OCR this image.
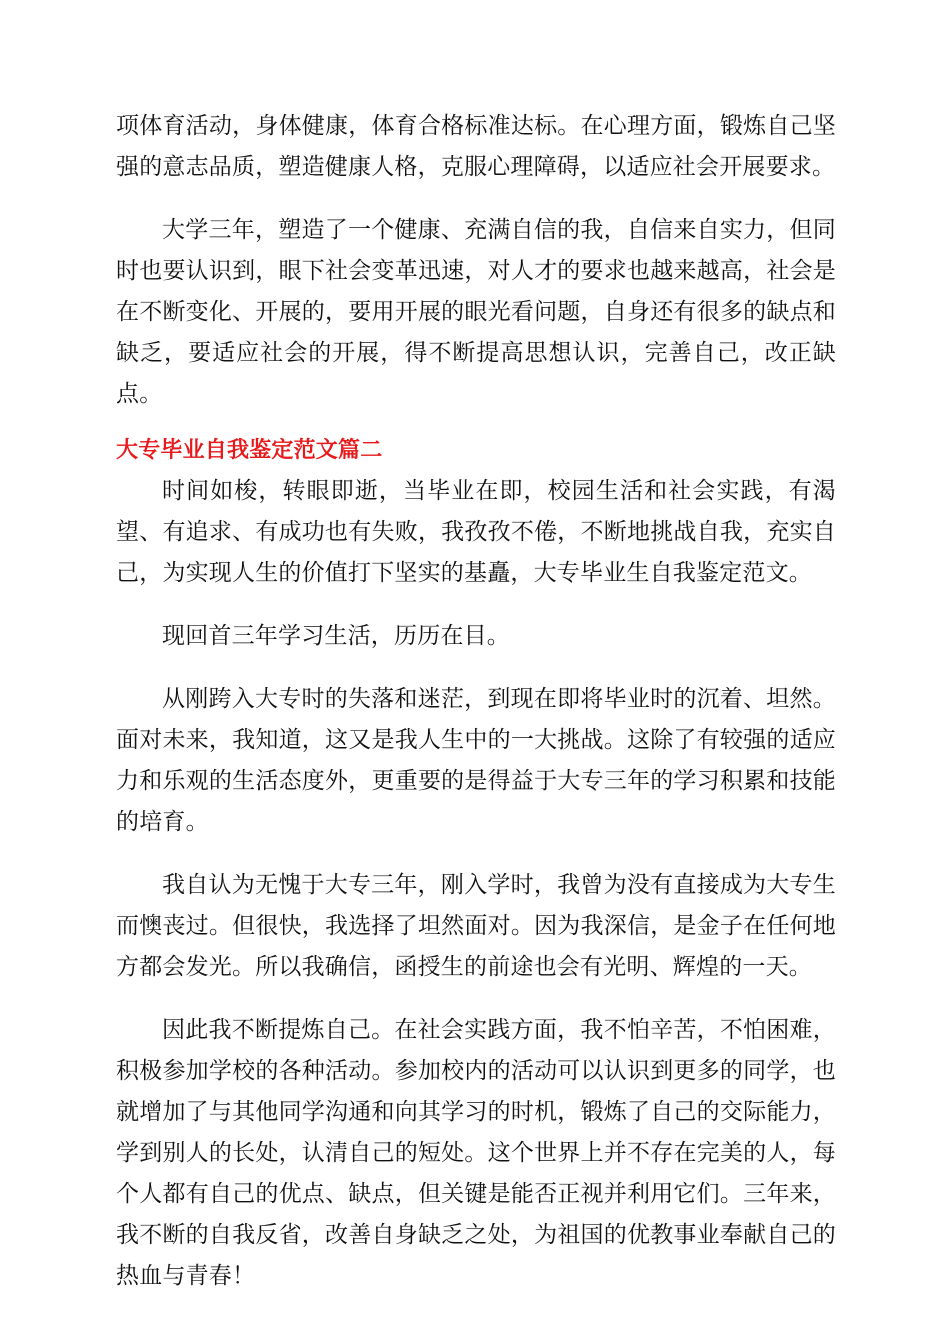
项体育活动，身体健康，体育合格标准达标。在心理方面，锻炼自己坚强的意志品质，塑造健康人格，克服心理障碍，以适应社会开展要求。

大学三年，塑造了一个健康、充满自信的我，自信来自实力，但同时也要认识到，眼下社会变革迅速，对人才的要求也越来越高，社会是在不断变化、开展的，要用开展的眼光看问题，自身还有很多的缺点和缺乏，要适应社会的开展，得不断提高思想认识，完善自己，改正缺点。

大专毕业自我鉴定范文篇二

时间如梭，转眼即逝，当毕业在即，校园生活和社会实践，有渴望、有追求、有成功也有失败，我孜孜不倦，不断地挑战自我，充实自己，为实现人生的价值打下坚实的基矗，大专毕业生自我鉴定范文。

现回首三年学习生活，历历在目。

从刚跨入大专时的失落和迷茫，到现在即将毕业时的沉着、坦然。面对未来，我知道，这又是我人生中的一大挑战。这除了有较强的适应力和乐观的生活态度外，更重要的是得益于大专三年的学习积累和技能的培育。

我自认为无愧于大专三年，刚入学时，我曾为没有直接成为大专生而懊丧过。但很快，我选择了坦然面对。因为我深信，是金子在任何地方都会发光。所以我确信，函授生的前途也会有光明、辉煌的一天。

因此我不断提炼自己。在社会实践方面，我不怕辛苦，不怕困难，积极参加学校的各种活动。参加校内的活动可以认识到更多的同学，也就增加了与其他同学沟通和向其学习的时机，锻炼了自己的交际能力，学到别人的长处，认清自己的短处。这个世界上并不存在完美的人，每个人都有自己的优点、缺点，但关键是能否正视并利用它们。三年来，我不断的自我反省，改善自身缺乏之处，为祖国的优教事业奉献自己的热血与青春！
